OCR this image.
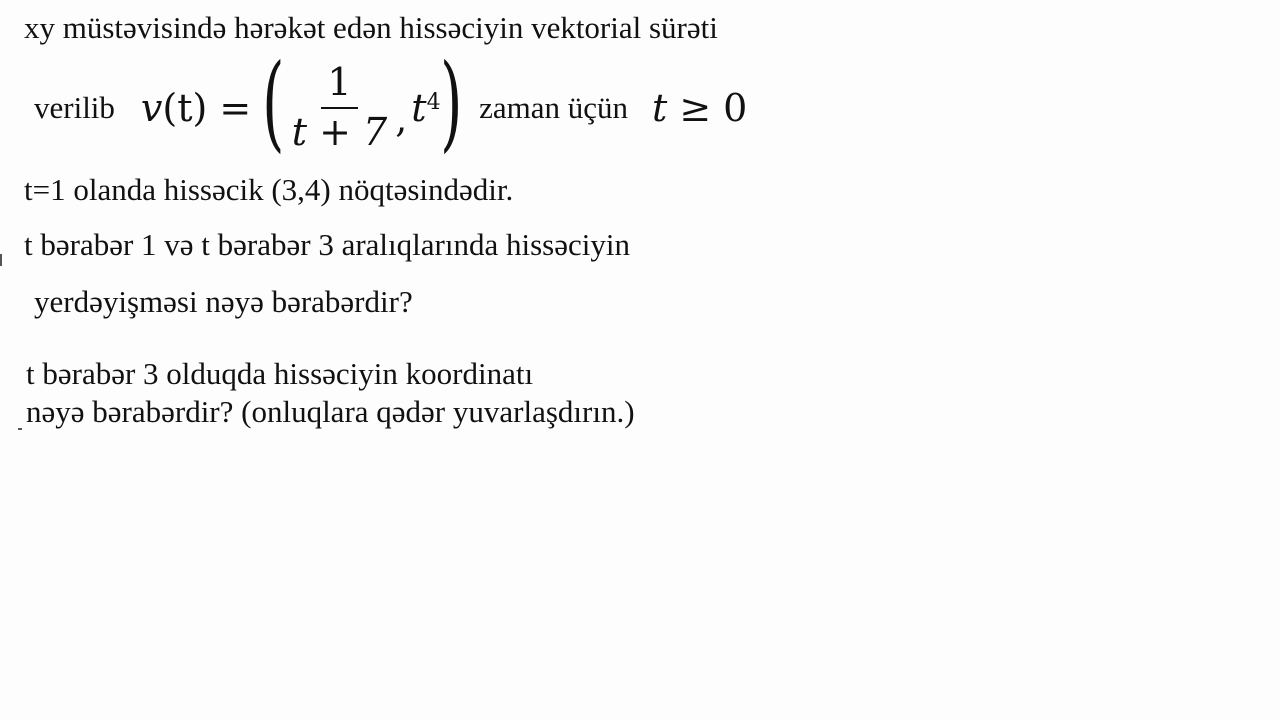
xy müstəvisində hərəkət edən hissəciyin vektorial sürəti
verilib v (t) = ( $\frac{1}{t + 7}$ , $t^4$ ) zaman üçün t ≥ 0
t=1 olanda hissəcik (3,4) nöqtəsindədir.
t bərabər 1 və t bərabər 3 aralıqlarında hissəciyin
yerdəyişməsi nəyə bərabərdir?
t bərabər 3 olduqda hissəciyin koordinatı
nəyə bərabərdir? (onluqlara qədər yuvarlaşdırın.)
